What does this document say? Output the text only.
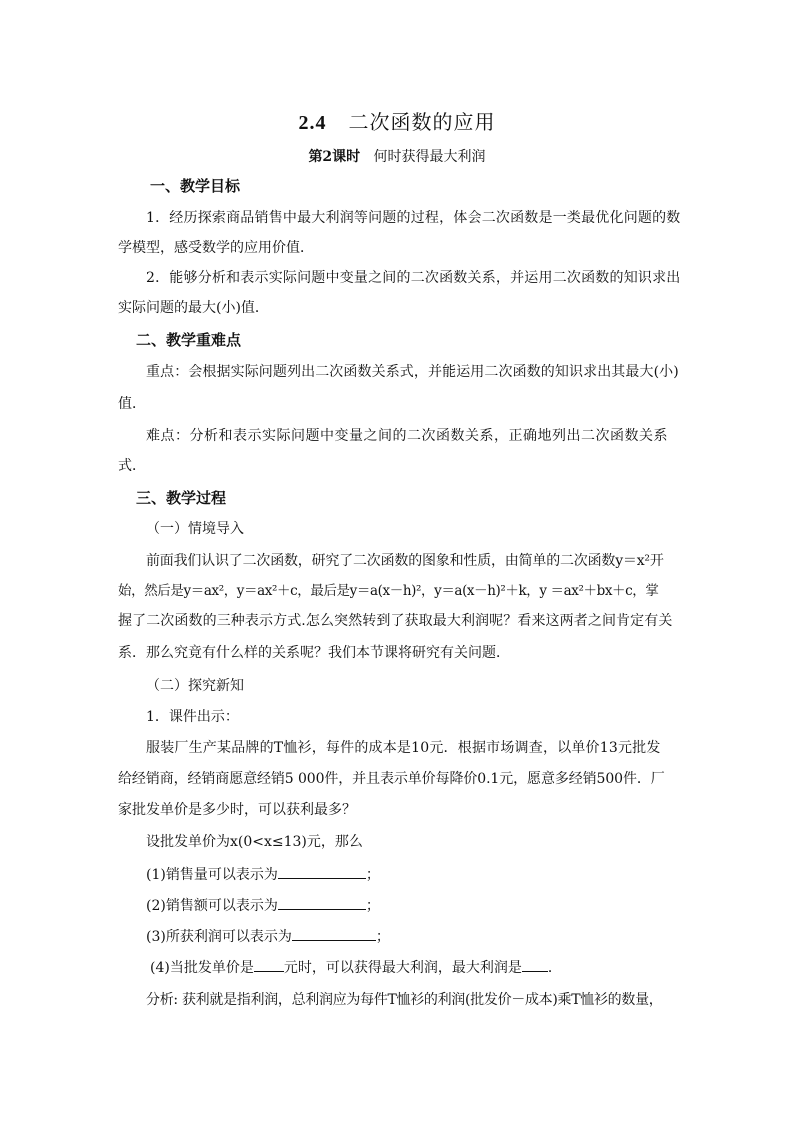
2.4 二次函数的应用
第2课时 何时获得最大利润
一、教学目标
1．经历探索商品销售中最大利润等问题的过程，体会二次函数是一类最优化问题的数
学模型，感受数学的应用价值．
2．能够分析和表示实际问题中变量之间的二次函数关系，并运用二次函数的知识求出
实际问题的最大(小)值．
二、教学重难点
重点：会根据实际问题列出二次函数关系式，并能运用二次函数的知识求出其最大(小)
值．
难点：分析和表示实际问题中变量之间的二次函数关系，正确地列出二次函数关系
式．
三、教学过程
（一）情境导入
前面我们认识了二次函数，研究了二次函数的图象和性质，由简单的二次函数y＝x²开
始，然后是y＝ax²，y＝ax²＋c，最后是y＝a(x－h)²，y＝a(x－h)²＋k，y ＝ax²＋bx＋c，掌
握了二次函数的三种表示方式.怎么突然转到了获取最大利润呢？看来这两者之间肯定有关
系．那么究竟有什么样的关系呢？我们本节课将研究有关问题．
（二）探究新知
1．课件出示：
服装厂生产某品牌的T恤衫，每件的成本是10元．根据市场调查，以单价13元批发
给经销商，经销商愿意经销5 000件，并且表示单价每降价0.1元，愿意多经销500件．厂
家批发单价是多少时，可以获利最多？
设批发单价为x(0<x≤13)元，那么
(1)销售量可以表示为	；
(2)销售额可以表示为	；
(3)所获利润可以表示为	；
(4)当批发单价是 元时，可以获得最大利润，最大利润是 ．
分析: 获利就是指利润，总利润应为每件T恤衫的利润(批发价－成本)乘T恤衫的数量，
